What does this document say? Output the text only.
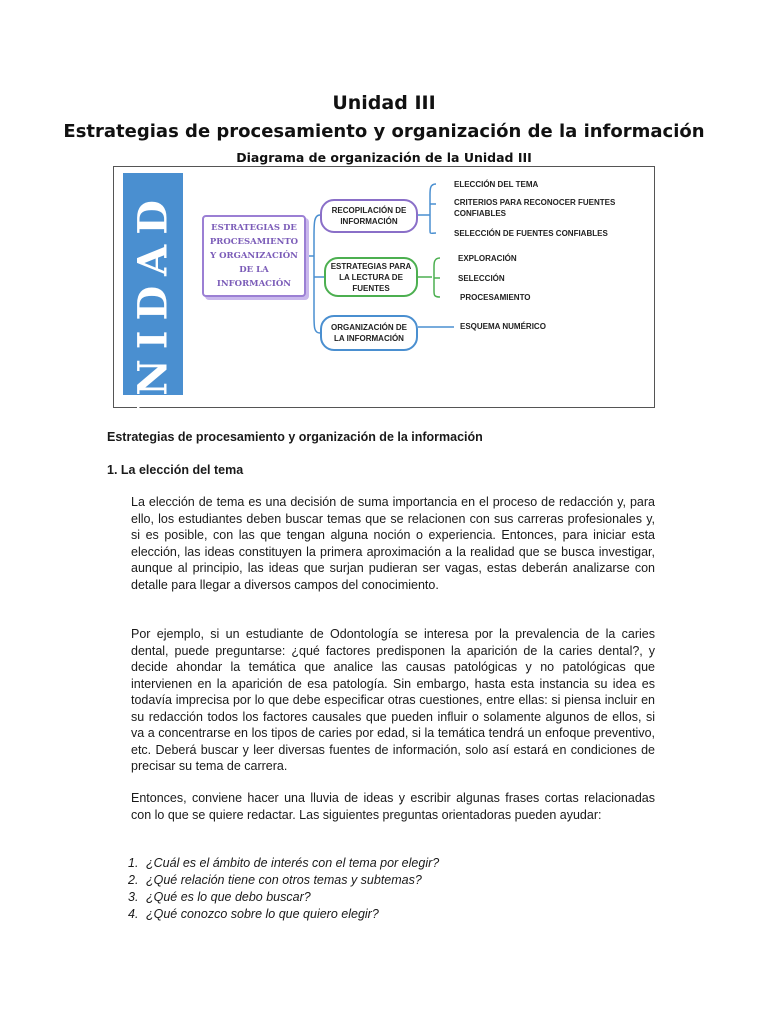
Unidad III
Estrategias de procesamiento y organización de la información
Diagrama de organización de la Unidad III
UNIDAD 3	ESTRATEGIAS DE
PROCESAMIENTO
Y ORGANIZACIÓN
DE LA
INFORMACIÓN
RECOPILACIÓN DE
INFORMACIÓN
ESTRATEGIAS PARA
LA LECTURA DE
FUENTES
ORGANIZACIÓN DE
LA INFORMACIÓN
ELECCIÓN DEL TEMA
CRITERIOS PARA RECONOCER FUENTES
CONFIABLES
SELECCIÓN DE FUENTES CONFIABLES
EXPLORACIÓN
SELECCIÓN
PROCESAMIENTO
ESQUEMA NUMÉRICO
Estrategias de procesamiento y organización de la información
1. La elección del tema

La elección de tema es una decisión de suma importancia en el proceso de redacción y, para ello, los estudiantes deben buscar temas que se relacionen con sus carreras profesionales y, si es posible, con las que tengan alguna noción o experiencia. Entonces, para iniciar esta elección, las ideas constituyen la primera aproximación a la realidad que se busca investigar, aunque al principio, las ideas que surjan pudieran ser vagas, estas deberán analizarse con detalle para llegar a diversos campos del conocimiento.

Por ejemplo, si un estudiante de Odontología se interesa por la prevalencia de la caries dental, puede preguntarse: ¿qué factores predisponen la aparición de la caries dental?, y decide ahondar la temática que analice las causas patológicas y no patológicas que intervienen en la aparición de esa patología. Sin embargo, hasta esta instancia su idea es todavía imprecisa por lo que debe especificar otras cuestiones, entre ellas: si piensa incluir en su redacción todos los factores causales que pueden influir o solamente algunos de ellos, si va a concentrarse en los tipos de caries por edad, si la temática tendrá un enfoque preventivo, etc. Deberá buscar y leer diversas fuentes de información, solo así estará en condiciones de precisar su tema de carrera.

Entonces, conviene hacer una lluvia de ideas y escribir algunas frases cortas relacionadas con lo que se quiere redactar. Las siguientes preguntas orientadoras pueden ayudar:

1. ¿Cuál es el ámbito de interés con el tema por elegir?
2. ¿Qué relación tiene con otros temas y subtemas?
3. ¿Qué es lo que debo buscar?
4. ¿Qué conozco sobre lo que quiero elegir?
